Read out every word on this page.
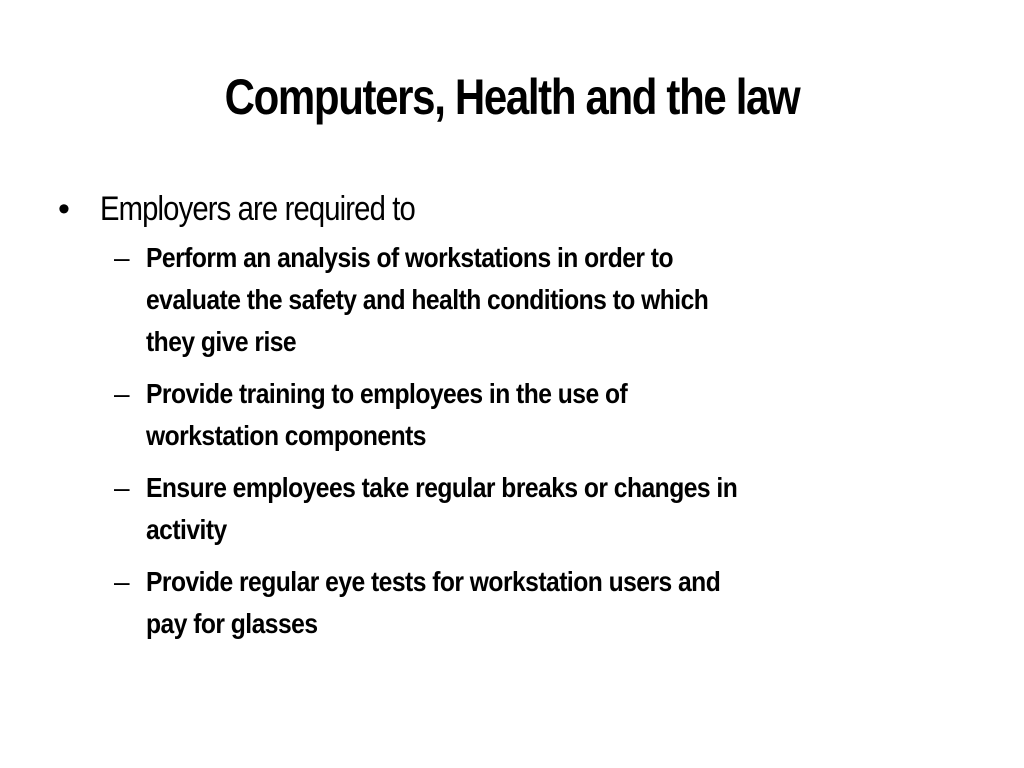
Computers, Health and the law
• Employers are required to
– Perform an analysis of workstations in order to
evaluate the safety and health conditions to which
they give rise
– Provide training to employees in the use of
workstation components
– Ensure employees take regular breaks or changes in
activity
– Provide regular eye tests for workstation users and
pay for glasses
